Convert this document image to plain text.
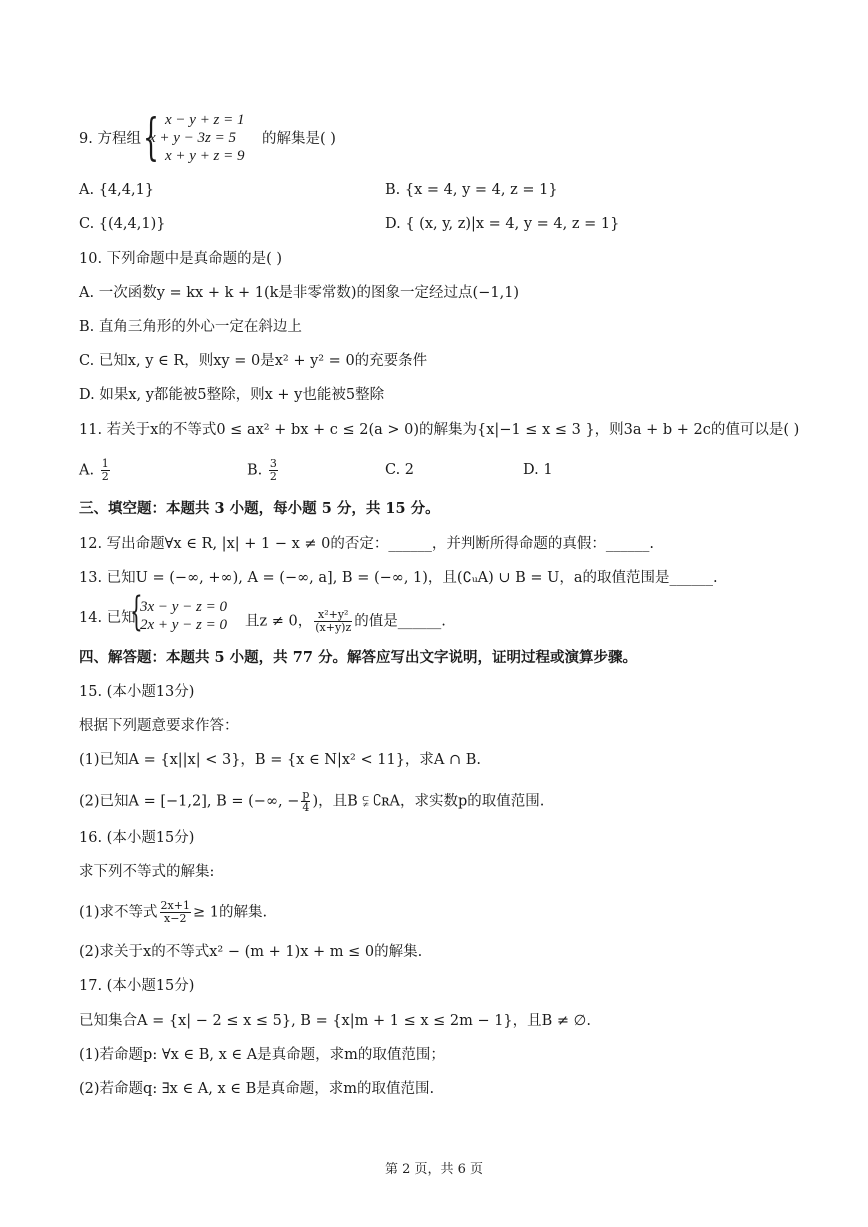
9. 方程组 { x − y + z = 1
x + y − 3z = 5
x + y + z = 9
的解集是( )
A. {4,4,1}	B. {x = 4, y = 4, z = 1}
C. {(4,4,1)}	D. { (x, y, z)|x = 4, y = 4, z = 1}
10. 下列命题中是真命题的是( )
A. 一次函数y = kx + k + 1(k是非零常数)的图象一定经过点(−1,1)
B. 直角三角形的外心一定在斜边上
C. 已知x, y ∈ R，则xy = 0是x² + y² = 0的充要条件
D. 如果x, y都能被5整除，则x + y也能被5整除
11. 若关于x的不等式0 ≤ ax² + bx + c ≤ 2(a > 0)的解集为{x|−1 ≤ x ≤ 3 }，则3a + b + 2c的值可以是( )
A. $\frac{1}{2}$	B. $\frac{3}{2}$	C. 2	D. 1
三、填空题：本题共 3 小题，每小题 5 分，共 15 分。
12. 写出命题∀x ∈ R, |x| + 1 − x ≠ 0的否定：______，并判断所得命题的真假：______.
13. 已知U = (−∞, +∞), A = (−∞, a], B = (−∞, 1)，且(∁ᵤA) ∪ B = U，a的取值范围是______.
14. 已知
{
3x − y − z = 0
2x + y − z = 0 且z ≠ 0， $\frac{\text{x²+y²}}{(x+y)z}$ 的值是______.
四、解答题：本题共 5 小题，共 77 分。解答应写出文字说明，证明过程或演算步骤。
15. (本小题13分)
根据下列题意要求作答：
(1)已知A = {x||x| < 3}，B = {x ∈ N|x² < 11}，求A ∩ B.
(2)已知A = [−1,2], B = (−∞, − $\frac{p}{4}$ )，且B ⫋ ∁ʀA，求实数p的取值范围.
16. (本小题15分)
求下列不等式的解集:
(1)求不等式 $\frac{2x+1}{x-2} \ge 1$的解集.
(2)求关于x的不等式x² − (m + 1)x + m ≤ 0的解集.
17. (本小题15分)
已知集合A = {x| − 2 ≤ x ≤ 5}, B = {x|m + 1 ≤ x ≤ 2m − 1}，且B ≠ ∅.
(1)若命题p: ∀x ∈ B, x ∈ A是真命题，求m的取值范围；
(2)若命题q: ∃x ∈ A, x ∈ B是真命题，求m的取值范围.
第 2 页，共 6 页
